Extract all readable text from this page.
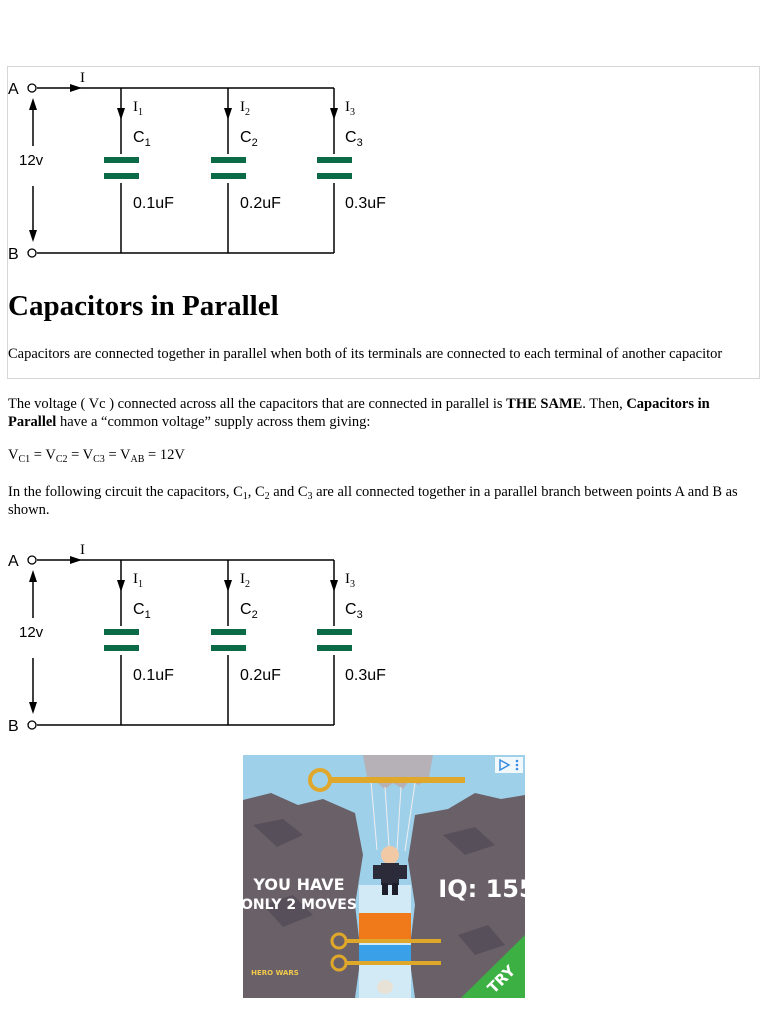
A
B
12v
I
$I_1$	$I_2$	$I_3$
$C_1$	$C_2$	$C_3$
0.1uF	0.2uF	0.3uF
Capacitors in Parallel

Capacitors are connected together in parallel when both of its terminals are connected to each terminal of another capacitor

The voltage ( Vc ) connected across all the capacitors that are connected in parallel is THE SAME. Then, Capacitors in Parallel have a “common voltage” supply across them giving:

$V_{C1} = V_{C2} = V_{C3} = V_{AB} = 12V$

In the following circuit the capacitors, $C_1$, $C_2$ and $C_3$ are all connected together in a parallel branch between points A and B as shown.

A
B
12v
I
$I_1$	$I_2$	$I_3$
$C_1$	$C_2$	$C_3$
0.1uF	0.2uF	0.3uF
YOU HAVE
ONLY 2 MOVES
IQ: 155
HERO WARS	TRY
